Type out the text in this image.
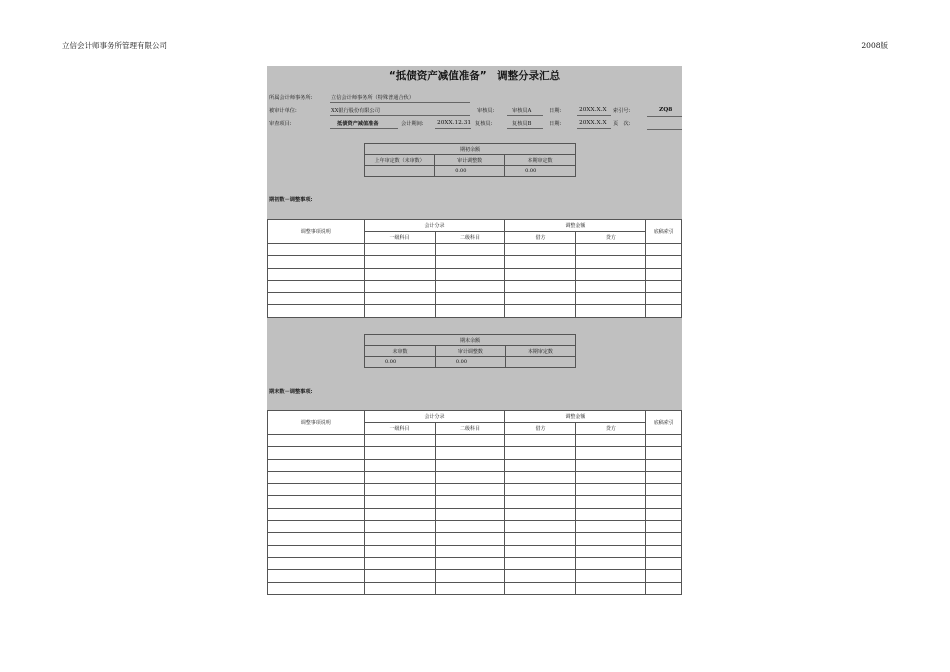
立信会计师事务所管理有限公司	2008版
“抵债资产减值准备”　调整分录汇总
所属会计师事务所:	立信会计师事务所（特殊普通合伙）
被审计单位:	XX银行股份有限公司	审核员:	审核员A	日期:	20XX.X.X 索引号:	ZQ8
审查项目:	抵债资产减值准备	会计期间: 20XX.12.31 复核员:	复核员B	日期:	20XX.X.X 页　次:
期初余额		
上年审定数（未审数）	审计调整数	本期审定数
	0.00	0.00
期初数－调整事项:
调整事项说明	会计分录		调整金额		底稿索引
	一级科目	二级科目	借方	贷方	

期末余额		
未审数	审计调整数	本期审定数
0.00	0.00	
期末数－调整事项:
调整事项说明	会计分录		调整金额		底稿索引
	一级科目	二级科目	借方	贷方	
